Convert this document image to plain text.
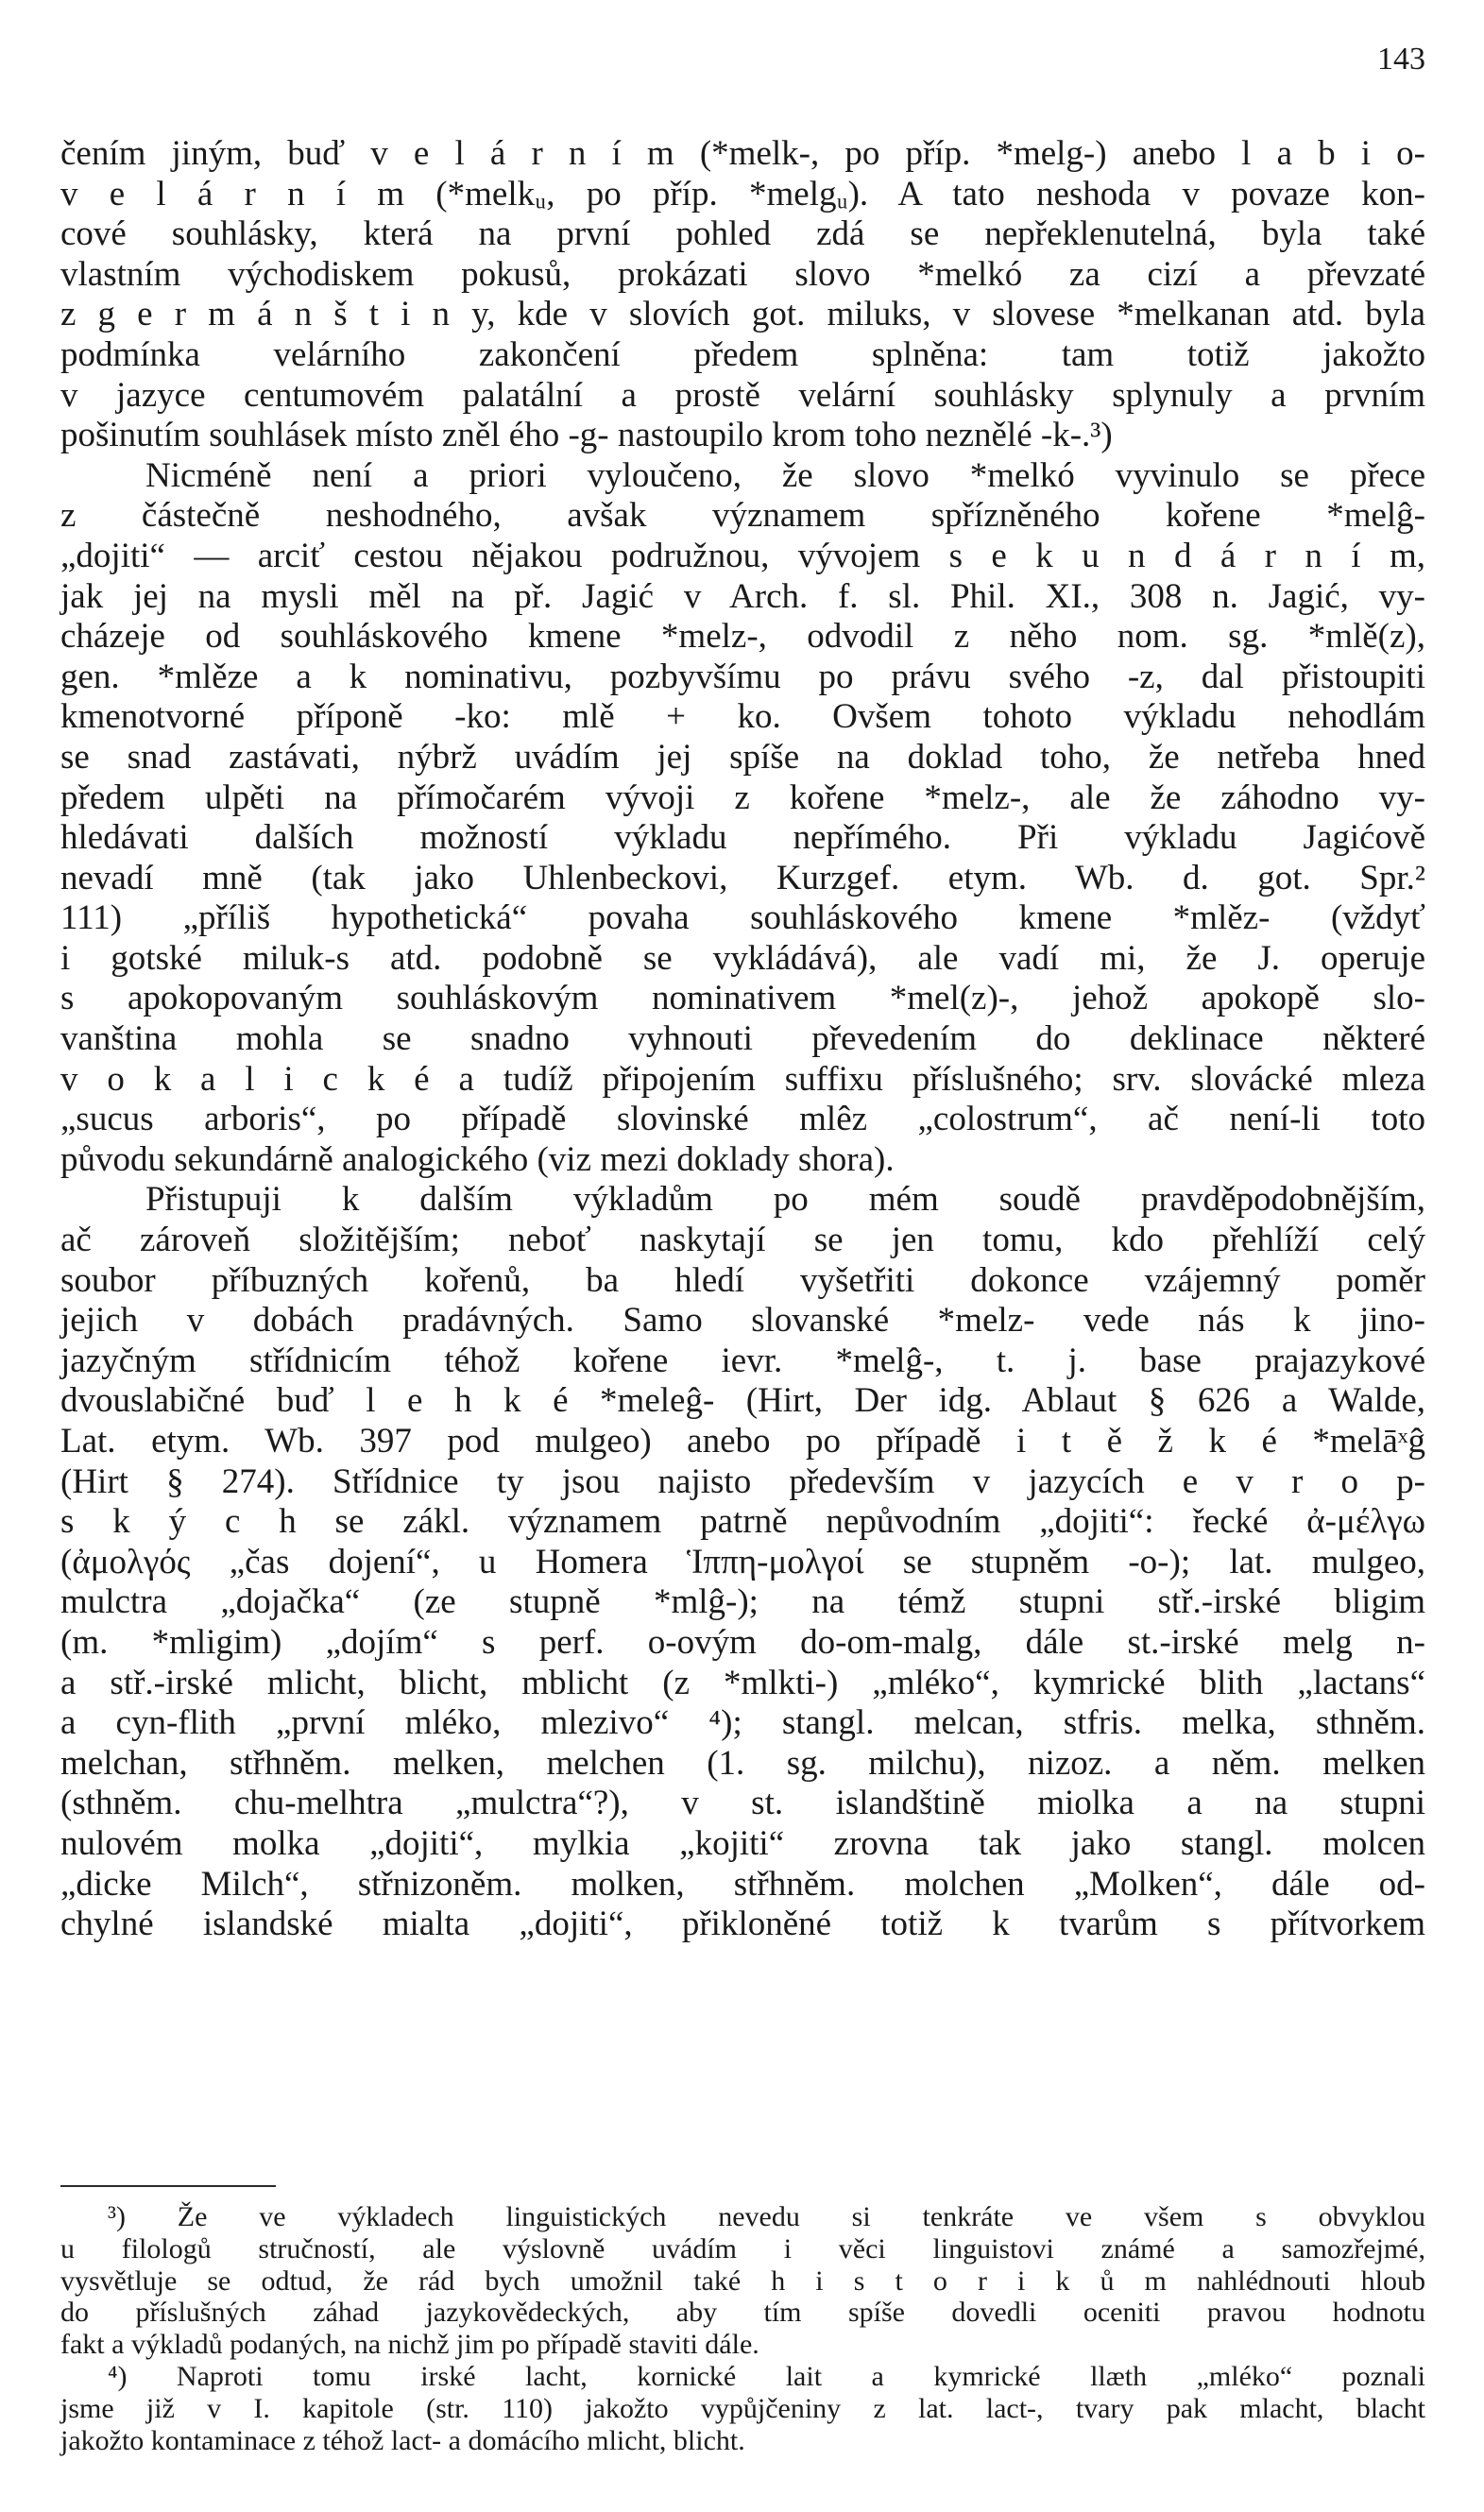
143
čením jiným, buď v e l á r n í m (*melk-, po příp. *melg-) anebo l a b i o-
v e l á r n í m (*melkᵤ, po příp. *melgᵤ). A tato neshoda v povaze kon-
cové souhlásky, která na první pohled zdá se nepřeklenutelná, byla také
vlastním východiskem pokusů, prokázati slovo *melkó za cizí a převzaté
z g e r m á n š t i n y, kde v slovích got. miluks, v slovese *melkanan atd. byla
podmínka velárního zakončení předem splněna: tam totiž jakožto
v jazyce centumovém palatální a prostě velární souhlásky splynuly a prvním
pošinutím souhlásek místo zněl ého -g- nastoupilo krom toho neznělé -k-.³)
Nicméně není a priori vyloučeno, že slovo *melkó vyvinulo se přece
z částečně neshodného, avšak významem spřízněného kořene *melĝ-
„dojiti“ — arciť cestou nějakou podružnou, vývojem s e k u n d á r n í m,
jak jej na mysli měl na př. Jagić v Arch. f. sl. Phil. XI., 308 n. Jagić, vy-
cházeje od souhláskového kmene *melz-, odvodil z něho nom. sg. *mlě(z),
gen. *mlěze a k nominativu, pozbyvšímu po právu svého -z, dal přistoupiti
kmenotvorné příponě -ko: mlě + ko. Ovšem tohoto výkladu nehodlám
se snad zastávati, nýbrž uvádím jej spíše na doklad toho, že netřeba hned
předem ulpěti na přímočarém vývoji z kořene *melz-, ale že záhodno vy-
hledávati dalších možností výkladu nepřímého. Při výkladu Jagićově
nevadí mně (tak jako Uhlenbeckovi, Kurzgef. etym. Wb. d. got. Spr.²
111) „příliš hypothetická“ povaha souhláskového kmene *mlěz- (vždyť
i gotské miluk-s atd. podobně se vykládává), ale vadí mi, že J. operuje
s apokopovaným souhláskovým nominativem *mel(z)-, jehož apokopě slo-
vanština mohla se snadno vyhnouti převedením do deklinace některé
v o k a l i c k é a tudíž připojením suffixu příslušného; srv. slovácké mleza
„sucus arboris“, po případě slovinské mlêz „colostrum“, ač není-li toto
původu sekundárně analogického (viz mezi doklady shora).
Přistupuji k dalším výkladům po mém soudě pravděpodobnějším,
ač zároveň složitějším; neboť naskytají se jen tomu, kdo přehlíží celý
soubor příbuzných kořenů, ba hledí vyšetřiti dokonce vzájemný poměr
jejich v dobách pradávných. Samo slovanské *melz- vede nás k jino-
jazyčným střídnicím téhož kořene ievr. *melĝ-, t. j. base prajazykové
dvouslabičné buď l e h k é *meleĝ- (Hirt, Der idg. Ablaut § 626 a Walde,
Lat. etym. Wb. 397 pod mulgeo) anebo po případě i t ě ž k é *melāˣĝ
(Hirt § 274). Střídnice ty jsou najisto především v jazycích e v r o p-
s k ý c h se zákl. významem patrně nepůvodním „dojiti“: řecké ἀ-μέλγω
(ἀμολγός „čas dojení“, u Homera Ἱππη-μολγοί se stupněm -o-); lat. mulgeo,
mulctra „dojačka“ (ze stupně *mlĝ-); na témž stupni stř.-irské bligim
(m. *mligim) „dojím“ s perf. o-ovým do-om-malg, dále st.-irské melg n-
a stř.-irské mlicht, blicht, mblicht (z *mlkti-) „mléko“, kymrické blith „lactans“
a cyn-flith „první mléko, mlezivo“ ⁴); stangl. melcan, stfris. melka, sthněm.
melchan, střhněm. melken, melchen (1. sg. milchu), nizoz. a něm. melken
(sthněm. chu-melhtra „mulctra“?), v st. islandštině miolka a na stupni
nulovém molka „dojiti“, mylkia „kojiti“ zrovna tak jako stangl. molcen
„dicke Milch“, střnizoněm. molken, střhněm. molchen „Molken“, dále od-
chylné islandské mialta „dojiti“, přikloněné totiž k tvarům s přítvorkem
³) Že ve výkladech linguistických nevedu si tenkráte ve všem s obvyklou
u filologů stručností, ale výslovně uvádím i věci linguistovi známé a samozřejmé,
vysvětluje se odtud, že rád bych umožnil také h i s t o r i k ů m nahlédnouti hloub
do příslušných záhad jazykovědeckých, aby tím spíše dovedli oceniti pravou hodnotu
fakt a výkladů podaných, na nichž jim po případě staviti dále.
⁴) Naproti tomu irské lacht, kornické lait a kymrické llæth „mléko“ poznali
jsme již v I. kapitole (str. 110) jakožto vypůjčeniny z lat. lact-, tvary pak mlacht, blacht
jakožto kontaminace z téhož lact- a domácího mlicht, blicht.
